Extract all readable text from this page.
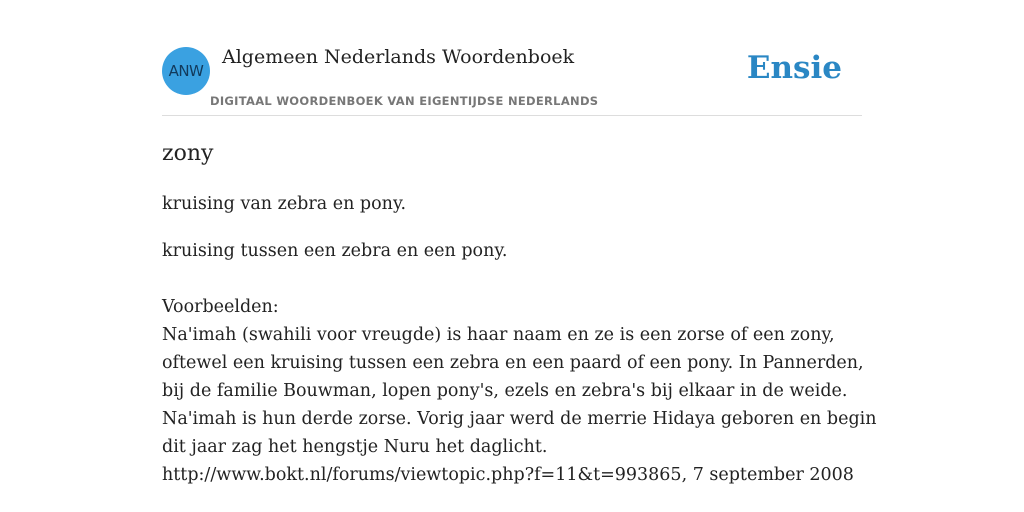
ANW
Algemeen Nederlands Woordenboek
DIGITAAL WOORDENBOEK VAN EIGENTIJDSE NEDERLANDS
Ensie
zony
kruising van zebra en pony.
kruising tussen een zebra en een pony.
Voorbeelden:
Na'imah (swahili voor vreugde) is haar naam en ze is een zorse of een zony,
oftewel een kruising tussen een zebra en een paard of een pony. In Pannerden,
bij de familie Bouwman, lopen pony's, ezels en zebra's bij elkaar in de weide.
Na'imah is hun derde zorse. Vorig jaar werd de merrie Hidaya geboren en begin
dit jaar zag het hengstje Nuru het daglicht.
http://www.bokt.nl/forums/viewtopic.php?f=11&t=993865, 7 september 2008
